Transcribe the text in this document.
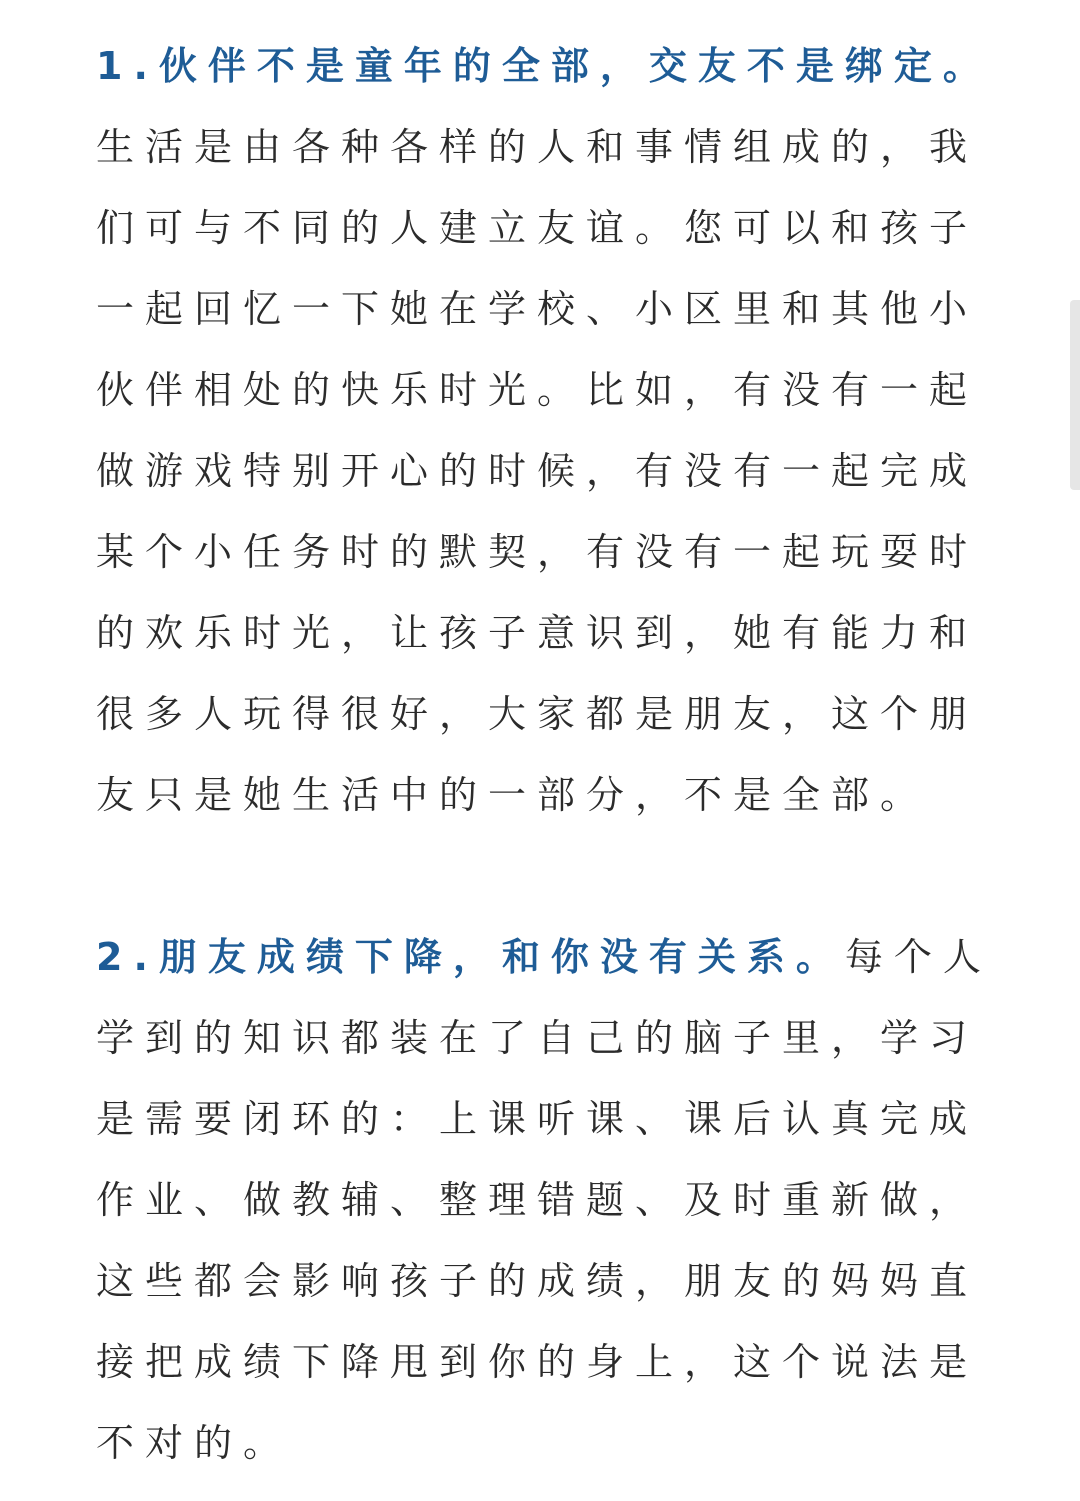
1.伙伴不是童年的全部，交友不是绑定。

生活是由各种各样的人和事情组成的，我们可与不同的人建立友谊。您可以和孩子一起回忆一下她在学校、小区里和其他小伙伴相处的快乐时光。比如，有没有一起做游戏特别开心的时候，有没有一起完成某个小任务时的默契，有没有一起玩耍时的欢乐时光，让孩子意识到，她有能力和很多人玩得很好，大家都是朋友，这个朋友只是她生活中的一部分，不是全部。

2.朋友成绩下降，和你没有关系。每个人学到的知识都装在了自己的脑子里，学习是需要闭环的：上课听课、课后认真完成作业、做教辅、整理错题、及时重新做，这些都会影响孩子的成绩，朋友的妈妈直接把成绩下降甩到你的身上，这个说法是不对的。
